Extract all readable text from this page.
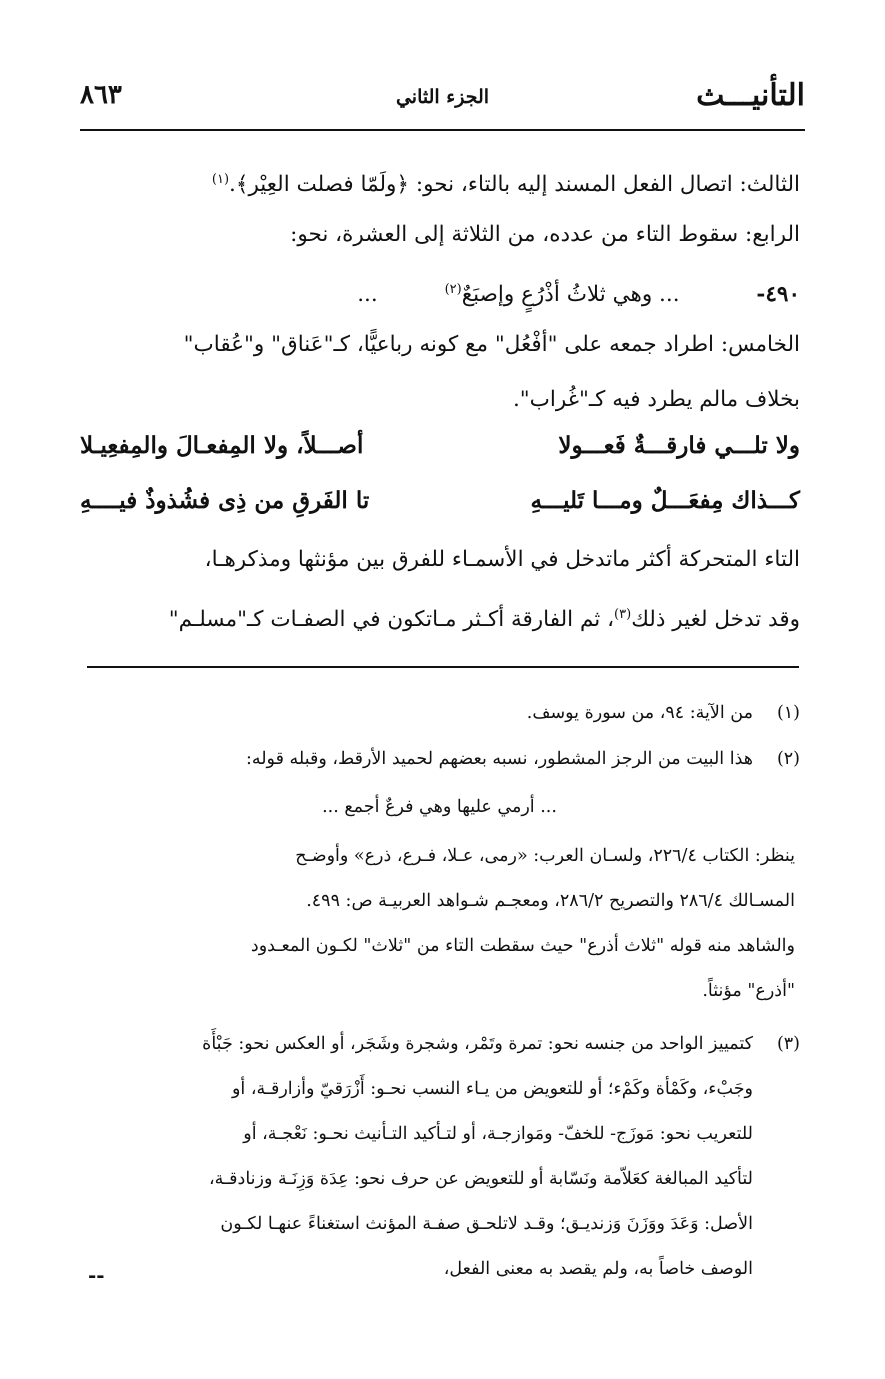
التأنيـــث
الجزء الثاني
٨٦٣
الثالث: اتصال الفعل المسند إليه بالتاء، نحو: ﴿ولَمّا فصلت العِيْر﴾.$^{(١)}$
الرابع: سقوط التاء من عدده، من الثلاثة إلى العشرة، نحو:
٤٩٠- ... وهي ثلاثُ أذْرُعٍ وإصبَعٌ$^{(٢)}$ ...
الخامس: اطراد جمعه على "أفْعُل" مع كونه رباعيًّا، كـ"عَناق" و"عُقاب"
بخلاف مالم يطرد فيه كـ"غُراب".
ولا تلـــي فارقـــةٌ فَعـــولا
أصـــلاً، ولا المِفعـالَ والمِفعِيـلا
كـــذاك مِفعَـــلٌ ومـــا تَليـــهِ
تا الفَرقِ من ذِى فشُذوذٌ فيــــهِ
التاء المتحركة أكثر ماتدخل في الأسمـاء للفرق بين مؤنثها ومذكرهـا،
وقد تدخل لغير ذلك$^{(٣)}$، ثم الفارقة أكـثر مـاتكون في الصفـات كـ"مسلـم"
(١)
من الآية: ٩٤، من سورة يوسف.
(٢)
هذا البيت من الرجز المشطور، نسبه بعضهم لحميد الأرقط، وقبله قوله:
... أرمي عليها وهي فرعٌ أجمع ...
ينظر: الكتاب ٢٢٦/٤، ولسـان العرب: «رمى، عـلا، فـرع، ذرع» وأوضـح
المسـالك ٢٨٦/٤ والتصريح ٢٨٦/٢، ومعجـم شـواهد العربيـة ص: ٤٩٩.
والشاهد منه قوله "ثلاث أذرع" حيث سقطت التاء من "ثلاث" لكـون المعـدود
"أذرع" مؤنثاً.
(٣)
كتمييز الواحد من جنسه نحو: تمرة وتَمْر، وشجرة وشَجَر، أو العكس نحو: جَبْأَة
وجَبْء، وكَمْأة وكَمْء؛ أو للتعويض من يـاء النسب نحـو: أَزْرَقيّ وأزارقـة، أو
للتعريب نحو: مَوزَج- للخفّ- ومَوازجـة، أو لتـأكيد التـأنيث نحـو: نَعْجـة، أو
لتأكيد المبالغة كعَلاّمة ونَسّابة أو للتعويض عن حرف نحو: عِدَة وَزِنَـة وزنادقـة،
الأصل: وَعَدَ ووَزَنَ وَزنديـق؛ وقـد لاتلحـق صفـة المؤنث استغناءً عنهـا لكـون
الوصف خاصاً به، ولم يقصد به معنى الفعل،
--
